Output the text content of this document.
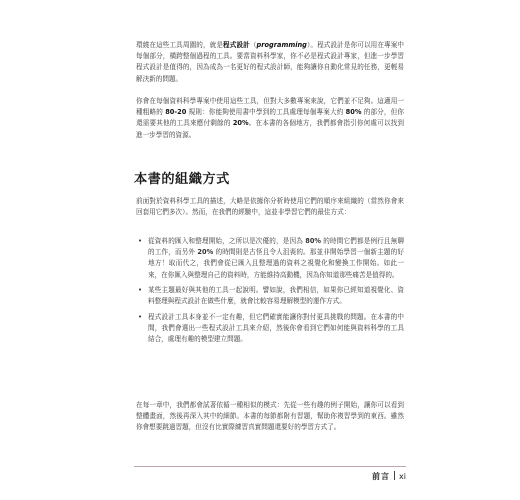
環繞在這些工具周圍的，就是程式設計（programming）。程式設計是你可以用在專案中每個部分，橫跨整個過程的工具。要當資料科學家，你不必是程式設計專家，但進一步學習程式設計是值得的，因為成為一名更好的程式設計師，能夠讓你自動化常見的任務，更輕易解決新的問題。

你會在每個資料科學專案中使用這些工具，但對大多數專案來說，它們並不足夠。這適用一種粗略的 80-20 規則：你能夠使用書中學到的工具處理每個專案大約 80% 的部分，但你還需要其他的工具來應付剩餘的 20%。在本書的各個地方，我們都會指引你何處可以找到進一步學習的資源。

本書的組織方式

前面對於資料科學工具的描述，大略是依據你分析時使用它們的順序來組織的（當然你會來回套用它們多次）。然而，在我們的經驗中，這並非學習它們的最佳方式：

• 從資料的匯入和整理開始，之所以是次優的，是因為 80% 的時間它們都是例行且無聊的工作，而另外 20% 的時間則是古怪且令人沮喪的。那並非開始學習一個新主題的好地方！取而代之，我們會從已匯入且整理過的資料之視覺化和變換工作開始。如此一來，在你匯入與整理自己的資料時，方能維持高動機，因為你知道那些痛苦是值得的。
• 某些主題最好與其他的工具一起說明。譬如說，我們相信，如果你已經知道視覺化、資料整理與程式設計在做些什麼，就會比較容易理解模型的運作方式。
• 程式設計工具本身並不一定有趣，但它們確實能讓你對付更具挑戰的問題。在本書的中間，我們會選出一些程式設計工具來介紹，然後你會看到它們如何能與資料科學的工具結合，處理有趣的模型建立問題。

在每一章中，我們都會試著依循一種相似的模式：先從一些有趣的例子開始，讓你可以看到整體畫面，然後再深入其中的細節。本書的每節都附有習題，幫助你複習學到的東西。雖然你會想要跳過習題，但沒有比實際練習真實問題還要好的學習方式了。

前言 xi
